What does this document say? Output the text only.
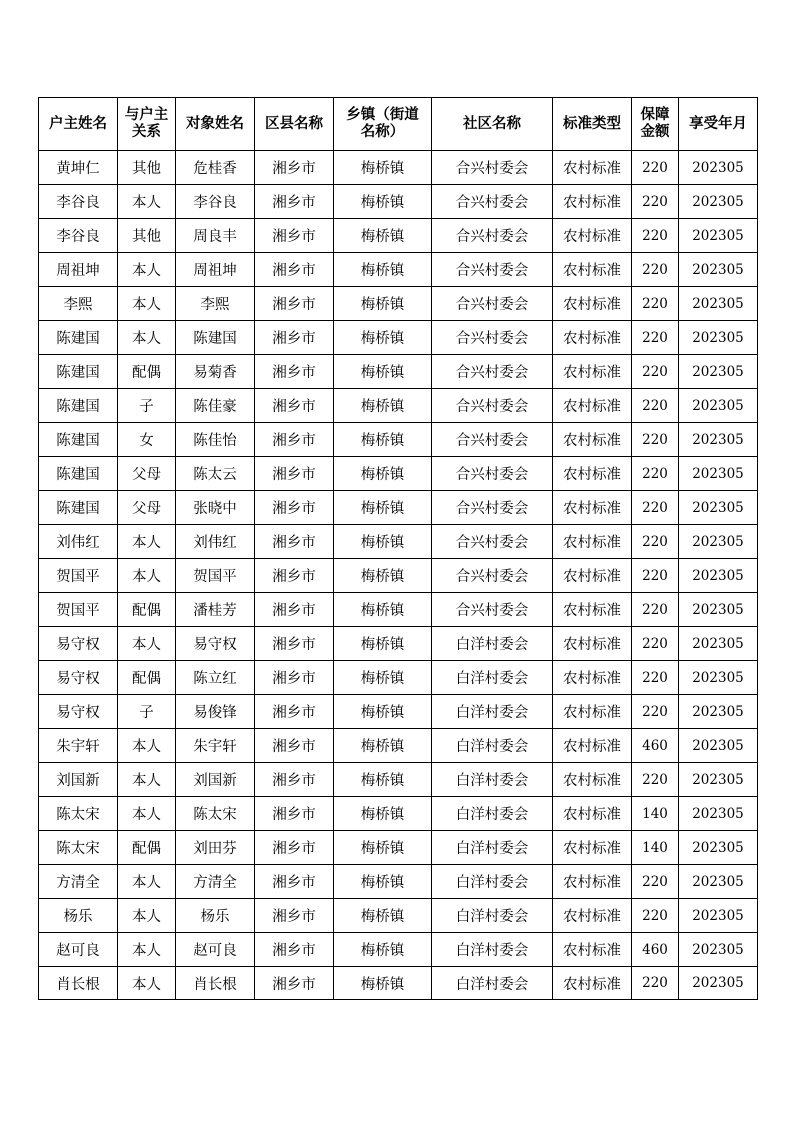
户主姓名	与户主关系	对象姓名	区县名称	乡镇（街道名称）	社区名称	标准类型	保障金额	享受年月
黄坤仁	其他	危桂香	湘乡市	梅桥镇	合兴村委会	农村标准	220	202305
李谷良	本人	李谷良	湘乡市	梅桥镇	合兴村委会	农村标准	220	202305
李谷良	其他	周良丰	湘乡市	梅桥镇	合兴村委会	农村标准	220	202305
周祖坤	本人	周祖坤	湘乡市	梅桥镇	合兴村委会	农村标准	220	202305
李熙	本人	李熙	湘乡市	梅桥镇	合兴村委会	农村标准	220	202305
陈建国	本人	陈建国	湘乡市	梅桥镇	合兴村委会	农村标准	220	202305
陈建国	配偶	易菊香	湘乡市	梅桥镇	合兴村委会	农村标准	220	202305
陈建国	子	陈佳豪	湘乡市	梅桥镇	合兴村委会	农村标准	220	202305
陈建国	女	陈佳怡	湘乡市	梅桥镇	合兴村委会	农村标准	220	202305
陈建国	父母	陈太云	湘乡市	梅桥镇	合兴村委会	农村标准	220	202305
陈建国	父母	张晓中	湘乡市	梅桥镇	合兴村委会	农村标准	220	202305
刘伟红	本人	刘伟红	湘乡市	梅桥镇	合兴村委会	农村标准	220	202305
贺国平	本人	贺国平	湘乡市	梅桥镇	合兴村委会	农村标准	220	202305
贺国平	配偶	潘桂芳	湘乡市	梅桥镇	合兴村委会	农村标准	220	202305
易守权	本人	易守权	湘乡市	梅桥镇	白洋村委会	农村标准	220	202305
易守权	配偶	陈立红	湘乡市	梅桥镇	白洋村委会	农村标准	220	202305
易守权	子	易俊锋	湘乡市	梅桥镇	白洋村委会	农村标准	220	202305
朱宇轩	本人	朱宇轩	湘乡市	梅桥镇	白洋村委会	农村标准	460	202305
刘国新	本人	刘国新	湘乡市	梅桥镇	白洋村委会	农村标准	220	202305
陈太宋	本人	陈太宋	湘乡市	梅桥镇	白洋村委会	农村标准	140	202305
陈太宋	配偶	刘田芬	湘乡市	梅桥镇	白洋村委会	农村标准	140	202305
方清全	本人	方清全	湘乡市	梅桥镇	白洋村委会	农村标准	220	202305
杨乐	本人	杨乐	湘乡市	梅桥镇	白洋村委会	农村标准	220	202305
赵可良	本人	赵可良	湘乡市	梅桥镇	白洋村委会	农村标准	460	202305
肖长根	本人	肖长根	湘乡市	梅桥镇	白洋村委会	农村标准	220	202305
